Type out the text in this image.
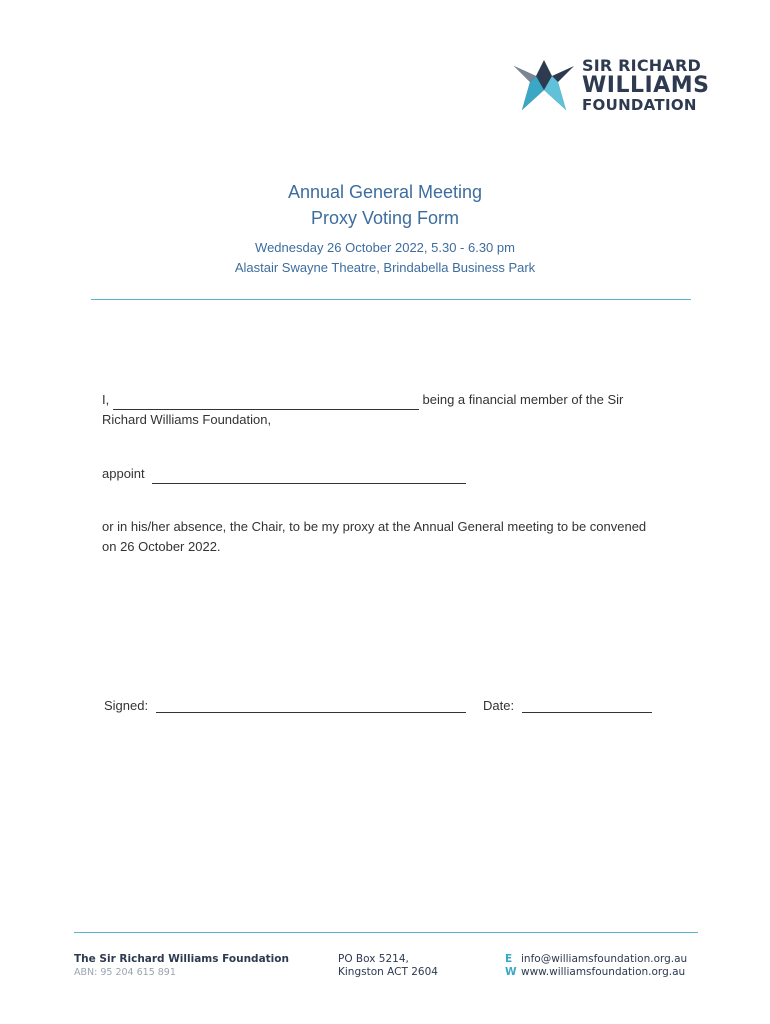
SIR RICHARD
WILLIAMS
FOUNDATION
Annual General Meeting
Proxy Voting Form
Wednesday 26 October 2022, 5.30 - 6.30 pm
Alastair Swayne Theatre, Brindabella Business Park
I,	being a financial member of the Sir Richard Williams Foundation,
appoint
or in his/her absence, the Chair, to be my proxy at the Annual General meeting to be convened on 26 October 2022.
Signed:	Date:
The Sir Richard Williams Foundation
ABN: 95 204 615 891
PO Box 5214,
Kingston ACT 2604
E info@williamsfoundation.org.au
W www.williamsfoundation.org.au
